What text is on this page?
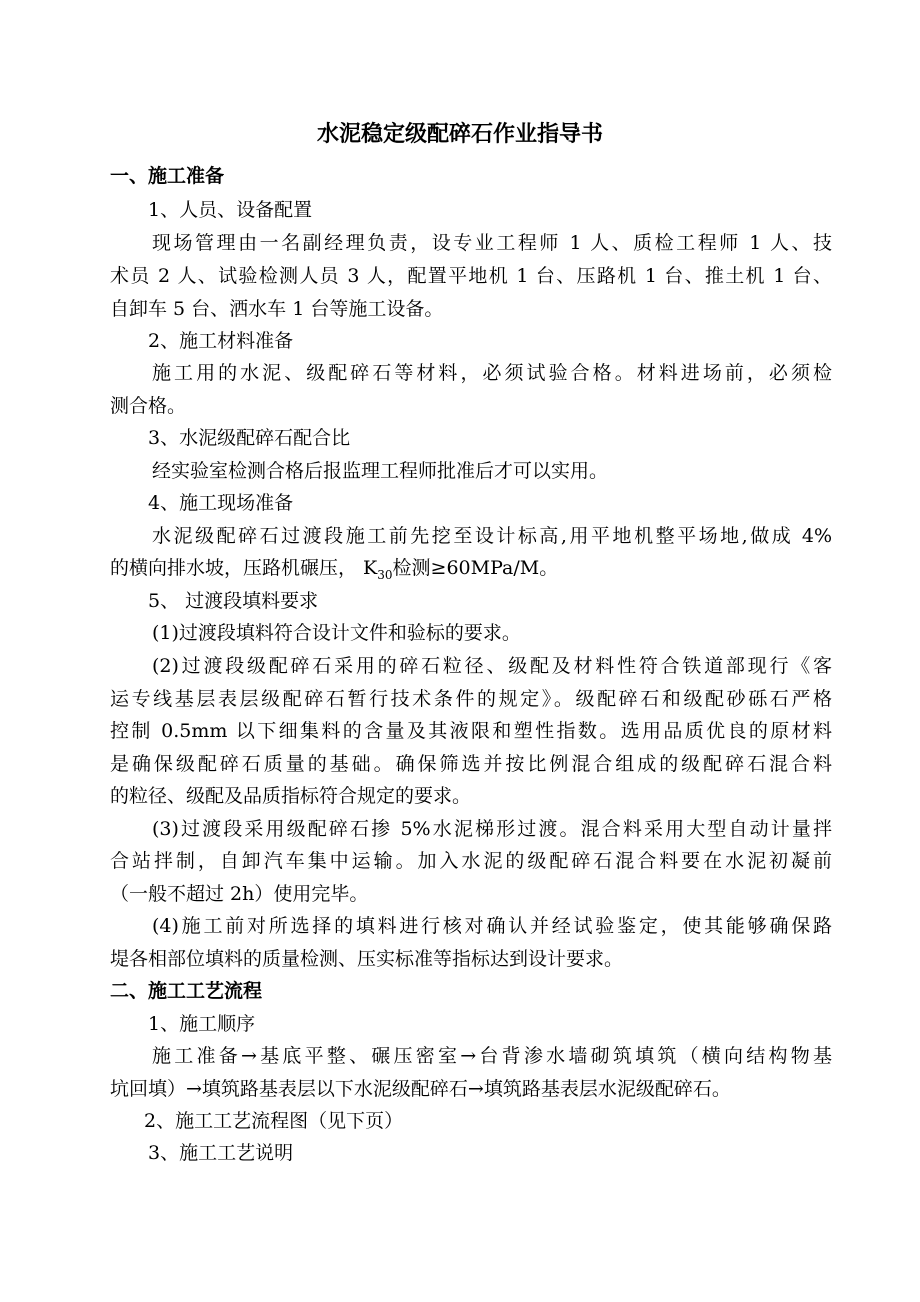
水泥稳定级配碎石作业指导书
一、施工准备
1、人员、设备配置
现场管理由一名副经理负责，设专业工程师 1 人、质检工程师 1 人、技
术员 2 人、试验检测人员 3 人，配置平地机 1 台、压路机 1 台、推土机 1 台、
自卸车 5 台、洒水车 1 台等施工设备。
2、施工材料准备
施工用的水泥、级配碎石等材料，必须试验合格。材料进场前，必须检
测合格。
3、水泥级配碎石配合比
经实验室检测合格后报监理工程师批准后才可以实用。
4、施工现场准备
水泥级配碎石过渡段施工前先挖至设计标高,用平地机整平场地,做成 4%
的横向排水坡，压路机碾压， $K_{30}$检测≥60MPa/M。
5、 过渡段填料要求
(1)过渡段填料符合设计文件和验标的要求。
(2)过渡段级配碎石采用的碎石粒径、级配及材料性符合铁道部现行《客
运专线基层表层级配碎石暂行技术条件的规定》。级配碎石和级配砂砾石严格
控制 0.5mm 以下细集料的含量及其液限和塑性指数。选用品质优良的原材料
是确保级配碎石质量的基础。确保筛选并按比例混合组成的级配碎石混合料
的粒径、级配及品质指标符合规定的要求。
(3)过渡段采用级配碎石掺 5%水泥梯形过渡。混合料采用大型自动计量拌
合站拌制，自卸汽车集中运输。加入水泥的级配碎石混合料要在水泥初凝前
（一般不超过 2h）使用完毕。
(4)施工前对所选择的填料进行核对确认并经试验鉴定，使其能够确保路
堤各相部位填料的质量检测、压实标准等指标达到设计要求。
二、施工工艺流程
1、施工顺序
施工准备→基底平整、碾压密室→台背渗水墙砌筑填筑（横向结构物基
坑回填）→填筑路基表层以下水泥级配碎石→填筑路基表层水泥级配碎石。
2、施工工艺流程图（见下页）
3、施工工艺说明
